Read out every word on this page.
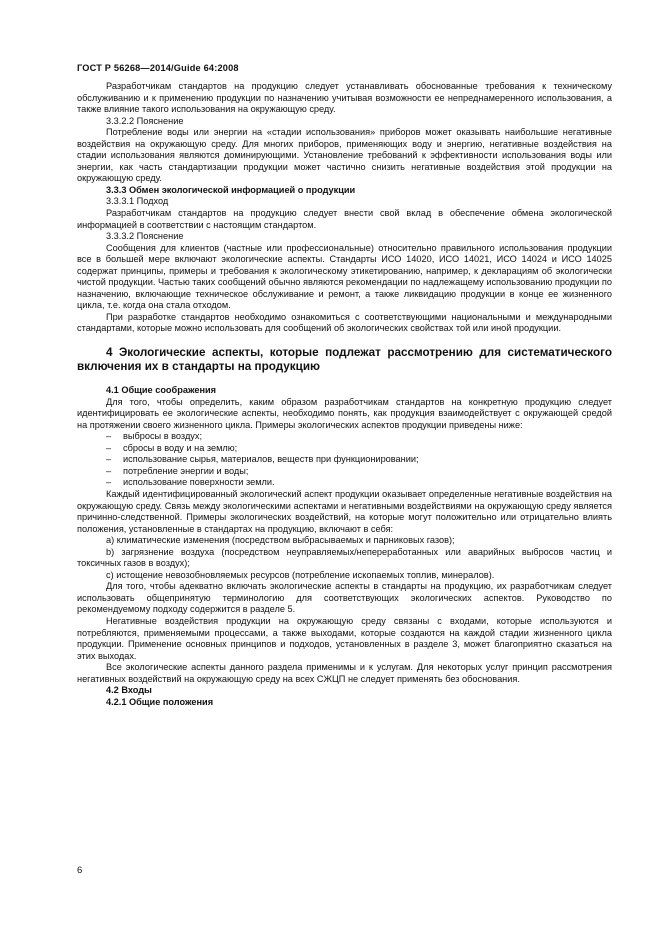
ГОСТ Р 56268—2014/Guide 64:2008

Разработчикам стандартов на продукцию следует устанавливать обоснованные требования к техническому обслуживанию и к применению продукции по назначению учитывая возможности ее непреднамеренного использования, а также влияние такого использования на окружающую среду.

3.3.2.2 Пояснение

Потребление воды или энергии на «стадии использования» приборов может оказывать наибольшие негативные воздействия на окружающую среду. Для многих приборов, применяющих воду и энергию, негативные воздействия на стадии использования являются доминирующими. Установление требований к эффективности использования воды или энергии, как часть стандартизации продукции может частично снизить негативные воздействия этой продукции на окружающую среду.

3.3.3 Обмен экологической информацией о продукции

3.3.3.1 Подход

Разработчикам стандартов на продукцию следует внести свой вклад в обеспечение обмена экологической информацией в соответствии с настоящим стандартом.

3.3.3.2 Пояснение

Сообщения для клиентов (частные или профессиональные) относительно правильного использования продукции все в большей мере включают экологические аспекты. Стандарты ИСО 14020, ИСО 14021, ИСО 14024 и ИСО 14025 содержат принципы, примеры и требования к экологическому этикетированию, например, к декларациям об экологически чистой продукции. Частью таких сообщений обычно являются рекомендации по надлежащему использованию продукции по назначению, включающие техническое обслуживание и ремонт, а также ликвидацию продукции в конце ее жизненного цикла, т.е. когда она стала отходом.

При разработке стандартов необходимо ознакомиться с соответствующими национальными и международными стандартами, которые можно использовать для сообщений об экологических свойствах той или иной продукции.

4 Экологические аспекты, которые подлежат рассмотрению для систематического включения их в стандарты на продукцию

4.1 Общие соображения

Для того, чтобы определить, каким образом разработчикам стандартов на конкретную продукцию следует идентифицировать ее экологические аспекты, необходимо понять, как продукция взаимодействует с окружающей средой на протяжении своего жизненного цикла. Примеры экологических аспектов продукции приведены ниже:

–	выбросы в воздух;
–	сбросы в воду и на землю;
–	использование сырья, материалов, веществ при функционировании;
–	потребление энергии и воды;
–	использование поверхности земли.

Каждый идентифицированный экологический аспект продукции оказывает определенные негативные воздействия на окружающую среду. Связь между экологическими аспектами и негативными воздействиями на окружающую среду является причинно-следственной. Примеры экологических воздействий, на которые могут положительно или отрицательно влиять положения, установленные в стандартах на продукцию, включают в себя:

a) климатические изменения (посредством выбрасываемых и парниковых газов);

b) загрязнение воздуха (посредством неуправляемых/непереработанных или аварийных выбросов частиц и токсичных газов в воздух);

c) истощение невозобновляемых ресурсов (потребление ископаемых топлив, минералов).

Для того, чтобы адекватно включать экологические аспекты в стандарты на продукцию, их разработчикам следует использовать общепринятую терминологию для соответствующих экологических аспектов. Руководство по рекомендуемому подходу содержится в разделе 5.

Негативные воздействия продукции на окружающую среду связаны с входами, которые используются и потребляются, применяемыми процессами, а также выходами, которые создаются на каждой стадии жизненного цикла продукции. Применение основных принципов и подходов, установленных в разделе 3, может благоприятно сказаться на этих выходах.

Все экологические аспекты данного раздела применимы и к услугам. Для некоторых услуг принцип рассмотрения негативных воздействий на окружающую среду на всех СЖЦП не следует применять без обоснования.

4.2 Входы

4.2.1 Общие положения

6
